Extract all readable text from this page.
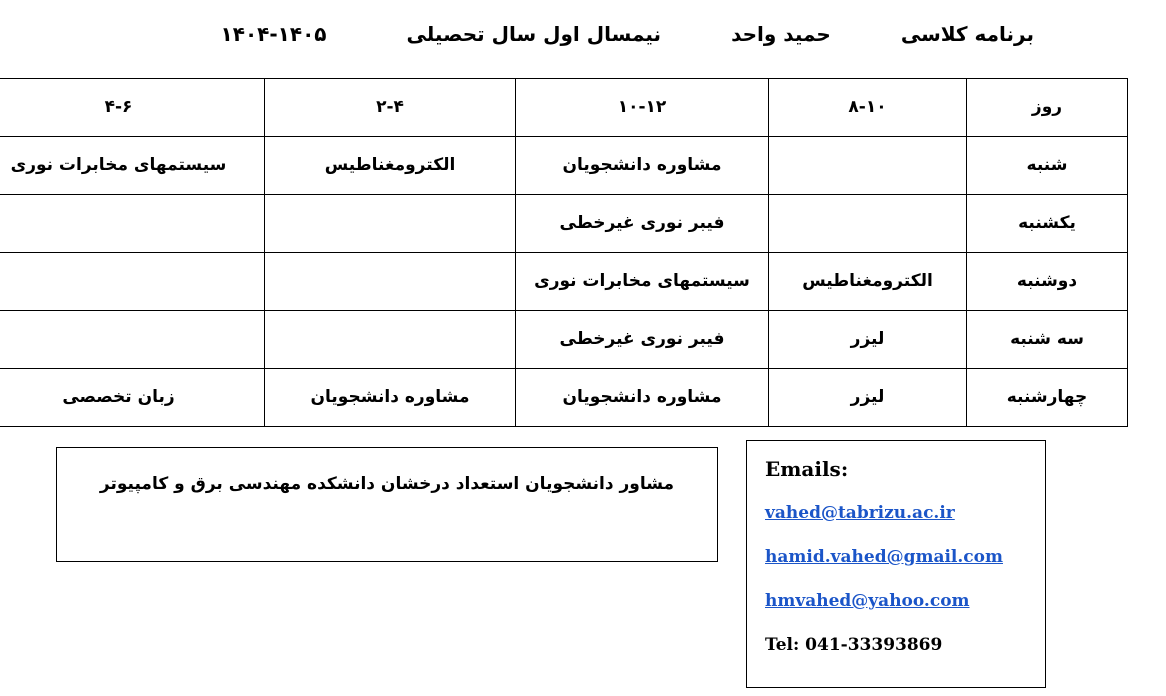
برنامه کلاسی
حمید واحد
نیمسال اول سال تحصیلی
۱۴۰۴-۱۴۰۵
روز	۸-۱۰	۱۰-۱۲	۲-۴	۴-۶
شنبه		مشاوره دانشجویان	الکترومغناطیس	سیستمهای مخابرات نوری
یکشنبه		فیبر نوری غیرخطی		
دوشنبه	الکترومغناطیس	سیستمهای مخابرات نوری		
سه شنبه	لیزر	فیبر نوری غیرخطی		
چهارشنبه	لیزر	مشاوره دانشجویان	مشاوره دانشجویان	زبان تخصصی

Emails:

vahed@tabrizu.ac.ir
hamid.vahed@gmail.com
hmvahed@yahoo.com

Tel: 041-33393869

مشاور دانشجویان استعداد درخشان دانشکده مهندسی برق و کامپیوتر
